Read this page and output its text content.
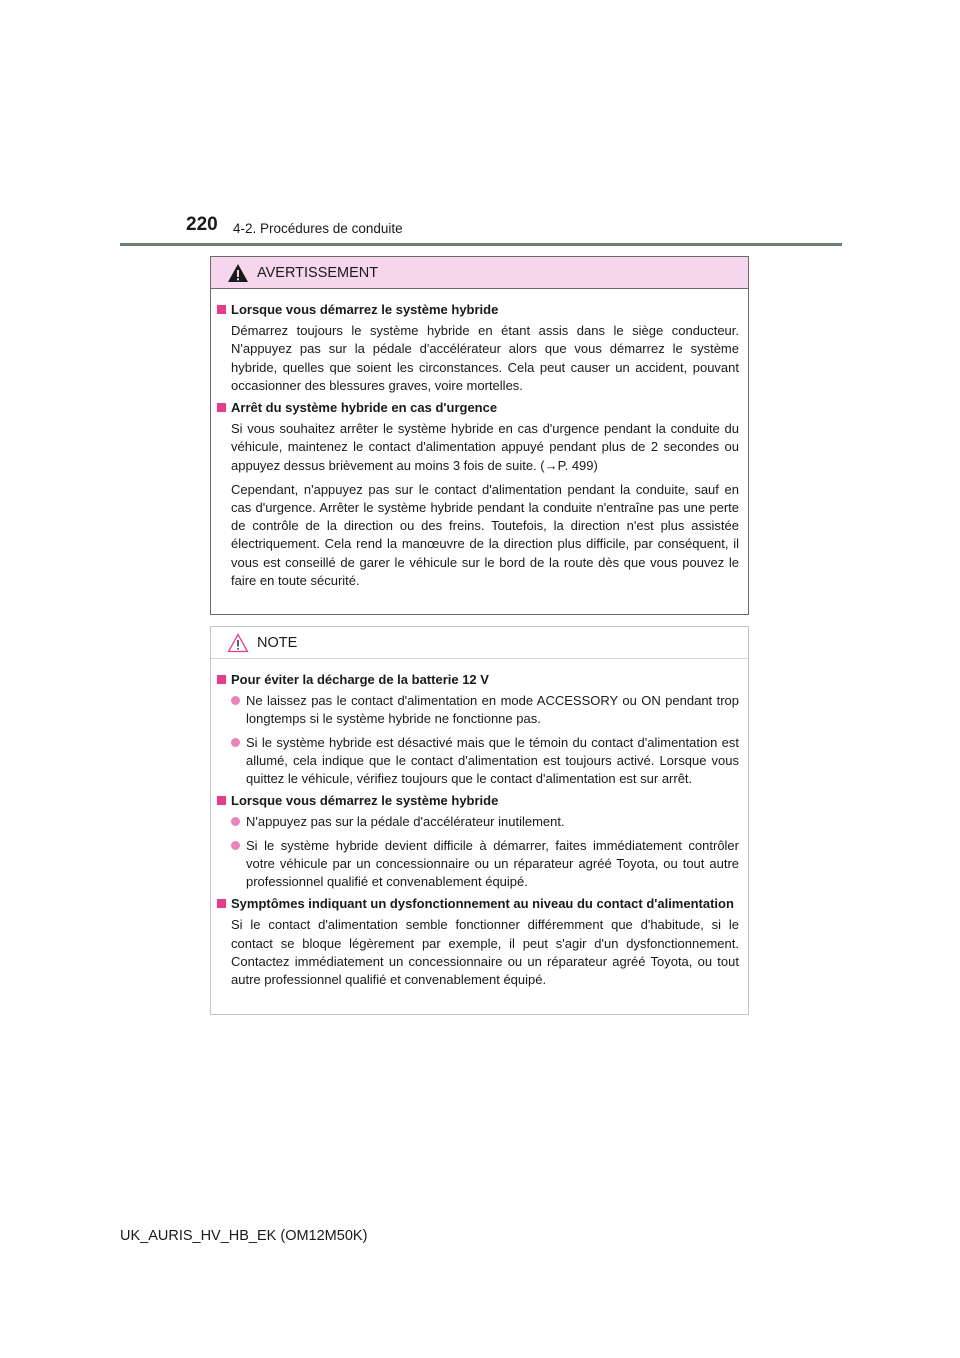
220 4-2. Procédures de conduite
AVERTISSEMENT
Lorsque vous démarrez le système hybride
Démarrez toujours le système hybride en étant assis dans le siège conducteur. N'appuyez pas sur la pédale d'accélérateur alors que vous démarrez le système hybride, quelles que soient les circonstances. Cela peut causer un accident, pouvant occasionner des blessures graves, voire mortelles.
Arrêt du système hybride en cas d'urgence
Si vous souhaitez arrêter le système hybride en cas d'urgence pendant la conduite du véhicule, maintenez le contact d'alimentation appuyé pendant plus de 2 secondes ou appuyez dessus brièvement au moins 3 fois de suite. (→P. 499)
Cependant, n'appuyez pas sur le contact d'alimentation pendant la conduite, sauf en cas d'urgence. Arrêter le système hybride pendant la conduite n'entraîne pas une perte de contrôle de la direction ou des freins. Toutefois, la direction n'est plus assistée électriquement. Cela rend la manœuvre de la direction plus difficile, par conséquent, il vous est conseillé de garer le véhicule sur le bord de la route dès que vous pouvez le faire en toute sécurité.
NOTE
Pour éviter la décharge de la batterie 12 V
Ne laissez pas le contact d'alimentation en mode ACCESSORY ou ON pendant trop longtemps si le système hybride ne fonctionne pas.
Si le système hybride est désactivé mais que le témoin du contact d'alimentation est allumé, cela indique que le contact d'alimentation est toujours activé. Lorsque vous quittez le véhicule, vérifiez toujours que le contact d'alimentation est sur arrêt.
Lorsque vous démarrez le système hybride
N'appuyez pas sur la pédale d'accélérateur inutilement.
Si le système hybride devient difficile à démarrer, faites immédiatement contrôler votre véhicule par un concessionnaire ou un réparateur agréé Toyota, ou tout autre professionnel qualifié et convenablement équipé.
Symptômes indiquant un dysfonctionnement au niveau du contact d'alimentation
Si le contact d'alimentation semble fonctionner différemment que d'habitude, si le contact se bloque légèrement par exemple, il peut s'agir d'un dysfonctionnement. Contactez immédiatement un concessionnaire ou un réparateur agréé Toyota, ou tout autre professionnel qualifié et convenablement équipé.
UK_AURIS_HV_HB_EK (OM12M50K)
